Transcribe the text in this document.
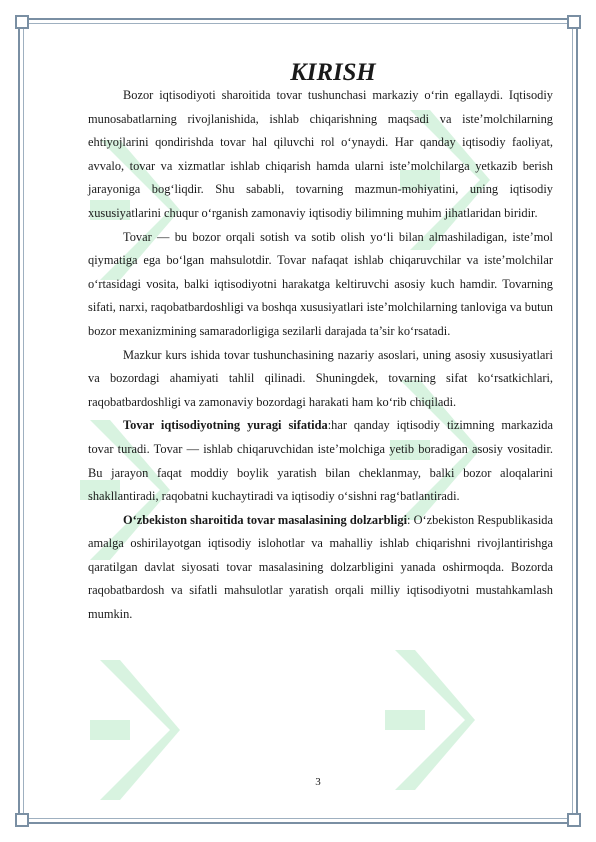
KIRISH

Bozor iqtisodiyoti sharoitida tovar tushunchasi markaziy o‘rin egallaydi. Iqtisodiy munosabatlarning rivojlanishida, ishlab chiqarishning maqsadi va iste’molchilarning ehtiyojlarini qondirishda tovar hal qiluvchi rol o‘ynaydi. Har qanday iqtisodiy faoliyat, avvalo, tovar va xizmatlar ishlab chiqarish hamda ularni iste’molchilarga yetkazib berish jarayoniga bog‘liqdir. Shu sababli, tovarning mazmun-mohiyatini, uning iqtisodiy xususiyatlarini chuqur o‘rganish zamonaviy iqtisodiy bilimning muhim jihatlaridan biridir.

Tovar — bu bozor orqali sotish va sotib olish yo‘li bilan almashiladigan, iste’mol qiymatiga ega bo‘lgan mahsulotdir. Tovar nafaqat ishlab chiqaruvchilar va iste’molchilar o‘rtasidagi vosita, balki iqtisodiyotni harakatga keltiruvchi asosiy kuch hamdir. Tovarning sifati, narxi, raqobatbardoshligi va boshqa xususiyatlari iste’molchilarning tanloviga va butun bozor mexanizmining samaradorligiga sezilarli darajada ta’sir ko‘rsatadi.

Mazkur kurs ishida tovar tushunchasining nazariy asoslari, uning asosiy xususiyatlari va bozordagi ahamiyati tahlil qilinadi. Shuningdek, tovarning sifat ko‘rsatkichlari, raqobatbardoshligi va zamonaviy bozordagi harakati ham ko‘rib chiqiladi.

Tovar iqtisodiyotning yuragi sifatida:har qanday iqtisodiy tizimning markazida tovar turadi. Tovar — ishlab chiqaruvchidan iste’molchiga yetib boradigan asosiy vositadir. Bu jarayon faqat moddiy boylik yaratish bilan cheklanmay, balki bozor aloqalarini shakllantiradi, raqobatni kuchaytiradi va iqtisodiy o‘sishni rag‘batlantiradi.

O‘zbekiston sharoitida tovar masalasining dolzarbligi: O‘zbekiston Respublikasida amalga oshirilayotgan iqtisodiy islohotlar va mahalliy ishlab chiqarishni rivojlantirishga qaratilgan davlat siyosati tovar masalasining dolzarbligini yanada oshirmoqda. Bozorda raqobatbardosh va sifatli mahsulotlar yaratish orqali milliy iqtisodiyotni mustahkamlash mumkin.

3
